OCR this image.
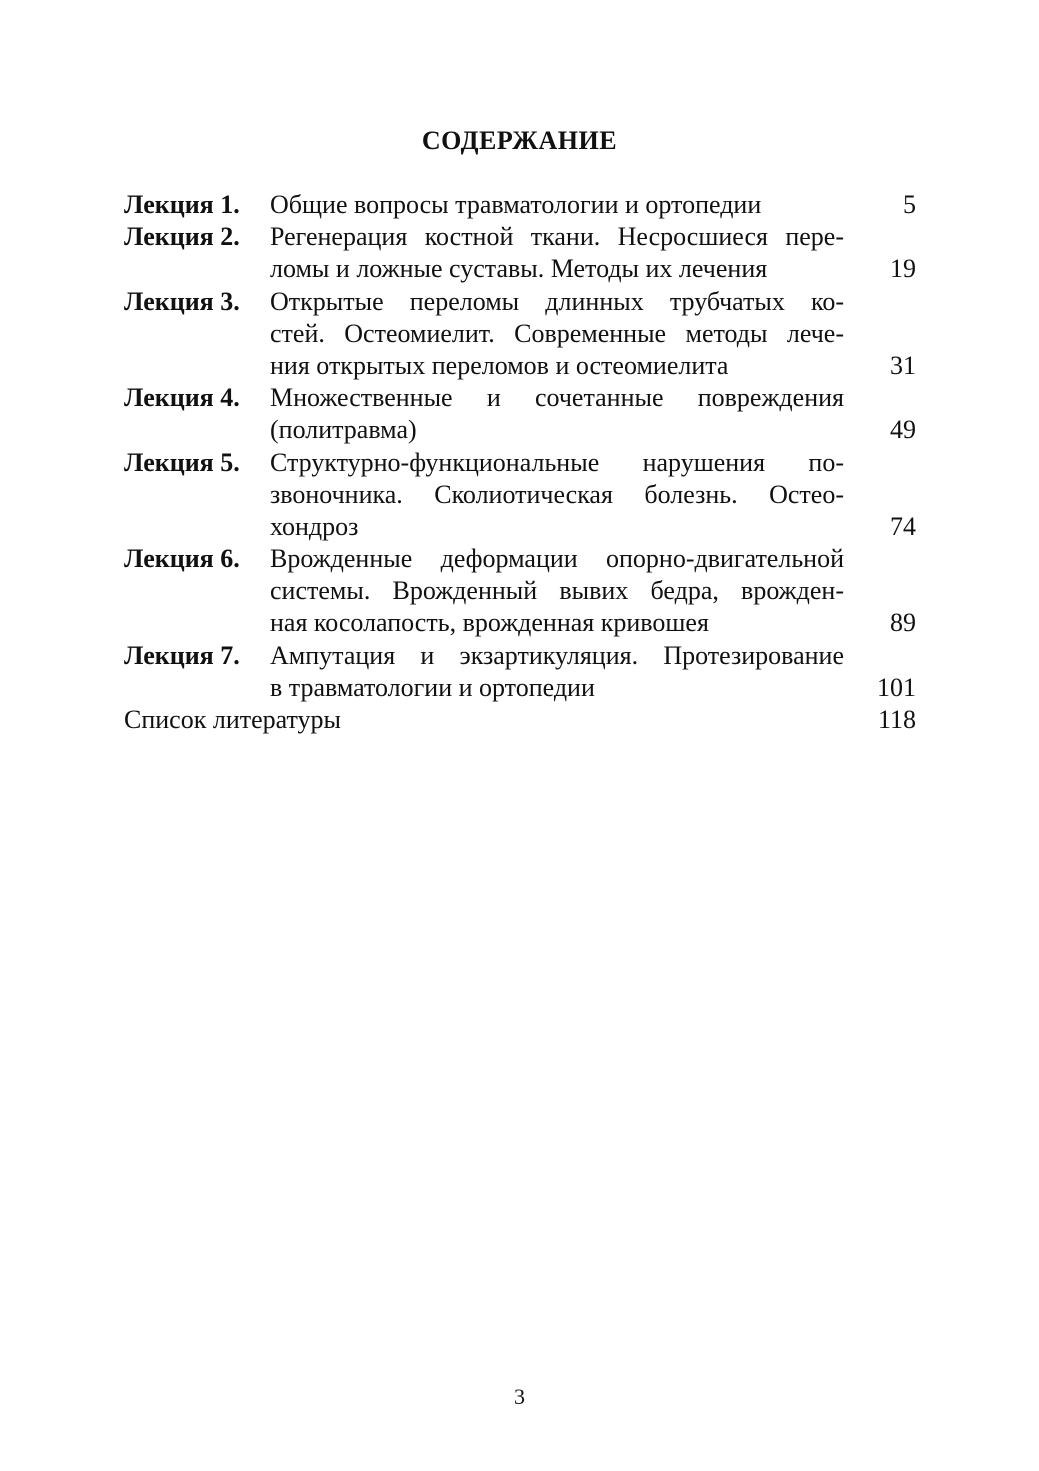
СОДЕРЖАНИЕ
Лекция 1. Общие вопросы травматологии и ортопедии	5
Лекция 2. Регенерация костной ткани. Несросшиеся пере-
ломы и ложные суставы. Методы их лечения	19
Лекция 3. Открытые переломы длинных трубчатых ко-
стей. Остеомиелит. Современные методы лече-
ния открытых переломов и остеомиелита	31
Лекция 4. Множественные и сочетанные повреждения
(политравма)	49
Лекция 5. Структурно-функциональные нарушения по-
звоночника. Сколиотическая болезнь. Остео-
хондроз	74
Лекция 6. Врожденные деформации опорно-двигательной
системы. Врожденный вывих бедра, врожден-
ная косолапость, врожденная кривошея	89
Лекция 7. Ампутация и экзартикуляция. Протезирование
в травматологии и ортопедии	101
Список литературы	118
3
